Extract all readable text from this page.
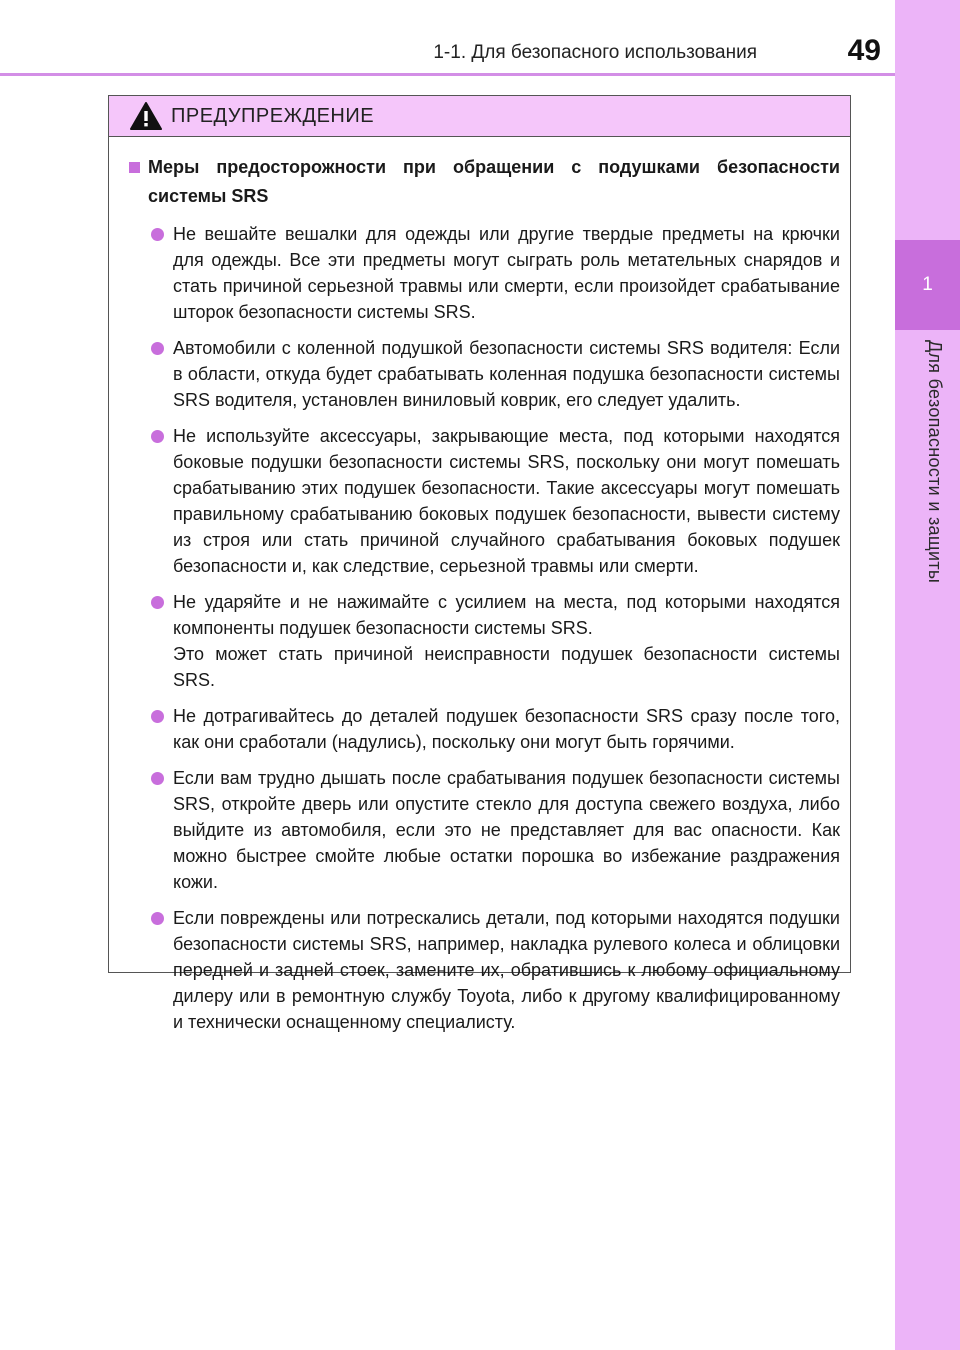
1-1. Для безопасного использования	49
1
Для безопасности и защиты
ПРЕДУПРЕЖДЕНИЕ
Меры предосторожности при обращении с подушками безопасности системы SRS

Не вешайте вешалки для одежды или другие твердые предметы на крючки для одежды. Все эти предметы могут сыграть роль метательных снарядов и стать причиной серьезной травмы или смерти, если произойдет срабатывание шторок безопасности системы SRS.

Автомобили с коленной подушкой безопасности системы SRS водителя: Если в области, откуда будет срабатывать коленная подушка безопасности системы SRS водителя, установлен виниловый коврик, его следует удалить.

Не используйте аксессуары, закрывающие места, под которыми находятся боковые подушки безопасности системы SRS, поскольку они могут помешать срабатыванию этих подушек безопасности. Такие аксессуары могут помешать правильному срабатыванию боковых подушек безопасности, вывести систему из строя или стать причиной случайного срабатывания боковых подушек безопасности и, как следствие, серьезной травмы или смерти.

Не ударяйте и не нажимайте с усилием на места, под которыми находятся компоненты подушек безопасности системы SRS.

Это может стать причиной неисправности подушек безопасности системы SRS.

Не дотрагивайтесь до деталей подушек безопасности SRS сразу после того, как они сработали (надулись), поскольку они могут быть горячими.

Если вам трудно дышать после срабатывания подушек безопасности системы SRS, откройте дверь или опустите стекло для доступа свежего воздуха, либо выйдите из автомобиля, если это не представляет для вас опасности. Как можно быстрее смойте любые остатки порошка во избежание раздражения кожи.

Если повреждены или потрескались детали, под которыми находятся подушки безопасности системы SRS, например, накладка рулевого колеса и облицовки передней и задней стоек, замените их, обратившись к любому официальному дилеру или в ремонтную службу Toyota, либо к другому квалифицированному и технически оснащенному специалисту.
